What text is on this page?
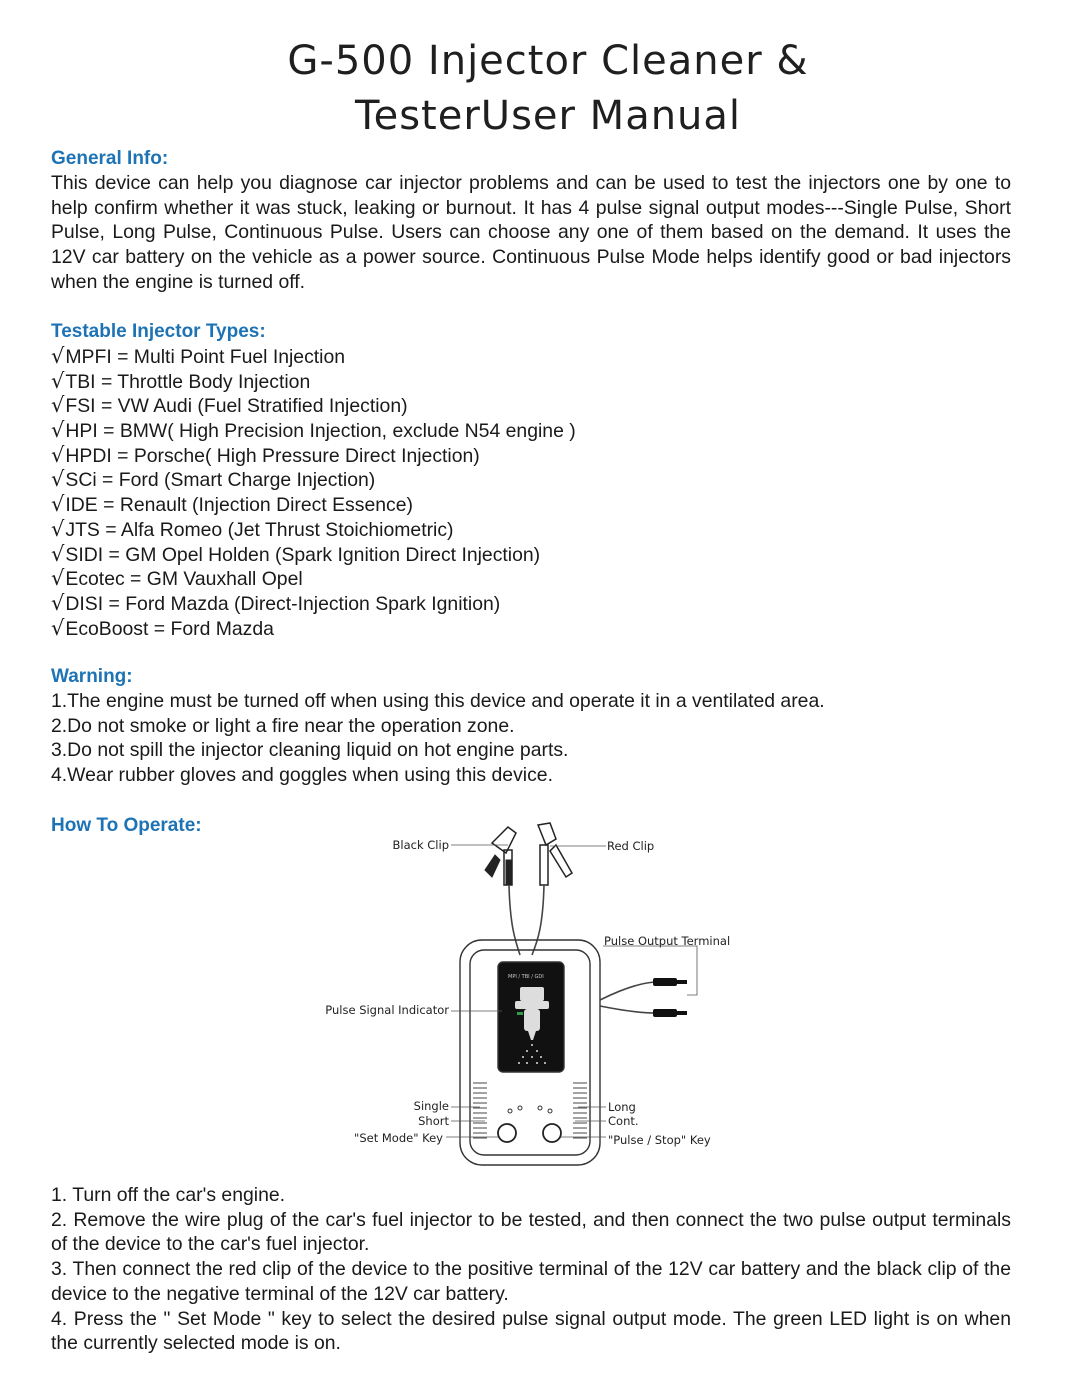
G-500 Injector Cleaner &
TesterUser Manual
General Info:

This device can help you diagnose car injector problems and can be used to test the injectors one by one to help confirm whether it was stuck, leaking or burnout. It has 4 pulse signal output modes---Single Pulse, Short Pulse, Long Pulse, Continuous Pulse. Users can choose any one of them based on the demand. It uses the 12V car battery on the vehicle as a power source. Continuous Pulse Mode helps identify good or bad injectors when the engine is turned off.

Testable Injector Types:
√MPFI = Multi Point Fuel Injection
√TBI = Throttle Body Injection
√FSI = VW Audi (Fuel Stratified Injection)
√HPI = BMW( High Precision Injection, exclude N54 engine )
√HPDI = Porsche( High Pressure Direct Injection)
√SCi = Ford (Smart Charge Injection)
√IDE = Renault (Injection Direct Essence)
√JTS = Alfa Romeo (Jet Thrust Stoichiometric)
√SIDI = GM Opel Holden (Spark Ignition Direct Injection)
√Ecotec = GM Vauxhall Opel
√DISI = Ford Mazda (Direct-Injection Spark Ignition)
√EcoBoost = Ford Mazda
Warning:
1.The engine must be turned off when using this device and operate it in a ventilated area.
2.Do not smoke or light a fire near the operation zone.
3.Do not spill the injector cleaning liquid on hot engine parts.
4.Wear rubber gloves and goggles when using this device.
How To Operate:
Black Clip	Red Clip
Pulse Output Terminal
Pulse Signal Indicator
Single
Short
"Set Mode" Key
Long
Cont.
"Pulse / Stop" Key
MPI / TBI / GDI
1. Turn off the car's engine.
2. Remove the wire plug of the car's fuel injector to be tested, and then connect the two pulse output terminals of the device to the car's fuel injector.
3. Then connect the red clip of the device to the positive terminal of the 12V car battery and the black clip of the device to the negative terminal of the 12V car battery.
4. Press the " Set Mode " key to select the desired pulse signal output mode. The green LED light is on when the currently selected mode is on.
